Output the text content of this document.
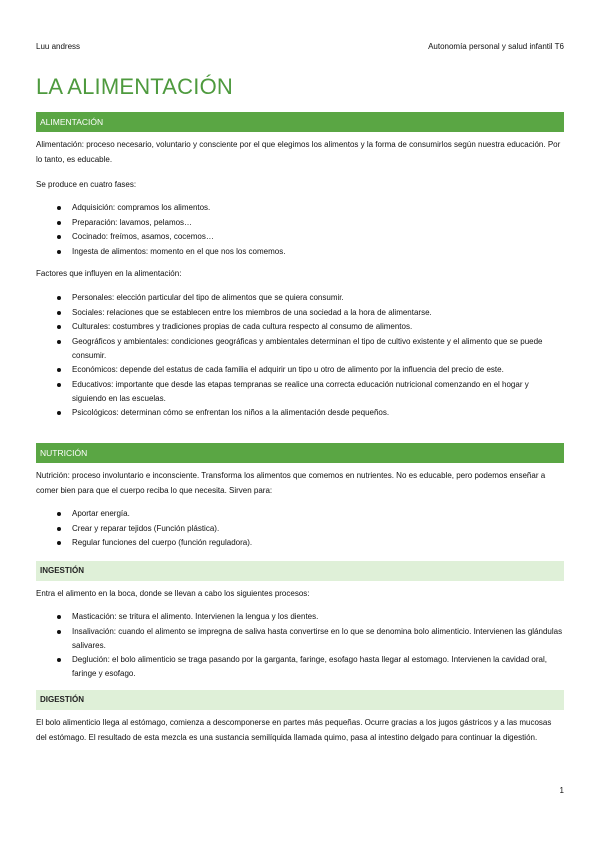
Luu andress	Autonomía personal y salud infantil T6
LA ALIMENTACIÓN
ALIMENTACIÓN

Alimentación: proceso necesario, voluntario y consciente por el que elegimos los alimentos y la forma de consumirlos según nuestra educación. Por lo tanto, es educable.

Se produce en cuatro fases:

Adquisición: compramos los alimentos.
Preparación: lavamos, pelamos…
Cocinado: freímos, asamos, cocemos…
Ingesta de alimentos: momento en el que nos los comemos.

Factores que influyen en la alimentación:

Personales: elección particular del tipo de alimentos que se quiera consumir.
Sociales: relaciones que se establecen entre los miembros de una sociedad a la hora de alimentarse.
Culturales: costumbres y tradiciones propias de cada cultura respecto al consumo de alimentos.
Geográficos y ambientales: condiciones geográficas y ambientales determinan el tipo de cultivo existente y el alimento que se puede consumir.
Económicos: depende del estatus de cada familia el adquirir un tipo u otro de alimento por la influencia del precio de este.
Educativos: importante que desde las etapas tempranas se realice una correcta educación nutricional comenzando en el hogar y siguiendo en las escuelas.
Psicológicos: determinan cómo se enfrentan los niños a la alimentación desde pequeños.
NUTRICIÓN

Nutrición: proceso involuntario e inconsciente. Transforma los alimentos que comemos en nutrientes. No es educable, pero podemos enseñar a comer bien para que el cuerpo reciba lo que necesita. Sirven para:

Aportar energía.
Crear y reparar tejidos (Función plástica).
Regular funciones del cuerpo (función reguladora).
INGESTIÓN

Entra el alimento en la boca, donde se llevan a cabo los siguientes procesos:

Masticación: se tritura el alimento. Intervienen la lengua y los dientes.
Insalivación: cuando el alimento se impregna de saliva hasta convertirse en lo que se denomina bolo alimenticio. Intervienen las glándulas salivares.
Deglución: el bolo alimenticio se traga pasando por la garganta, faringe, esofago hasta llegar al estomago. Intervienen la cavidad oral, faringe y esofago.
DIGESTIÓN

El bolo alimenticio llega al estómago, comienza a descomponerse en partes más pequeñas. Ocurre gracias a los jugos gástricos y a las mucosas del estómago. El resultado de esta mezcla es una sustancia semilíquida llamada quimo, pasa al intestino delgado para continuar la digestión.

1
